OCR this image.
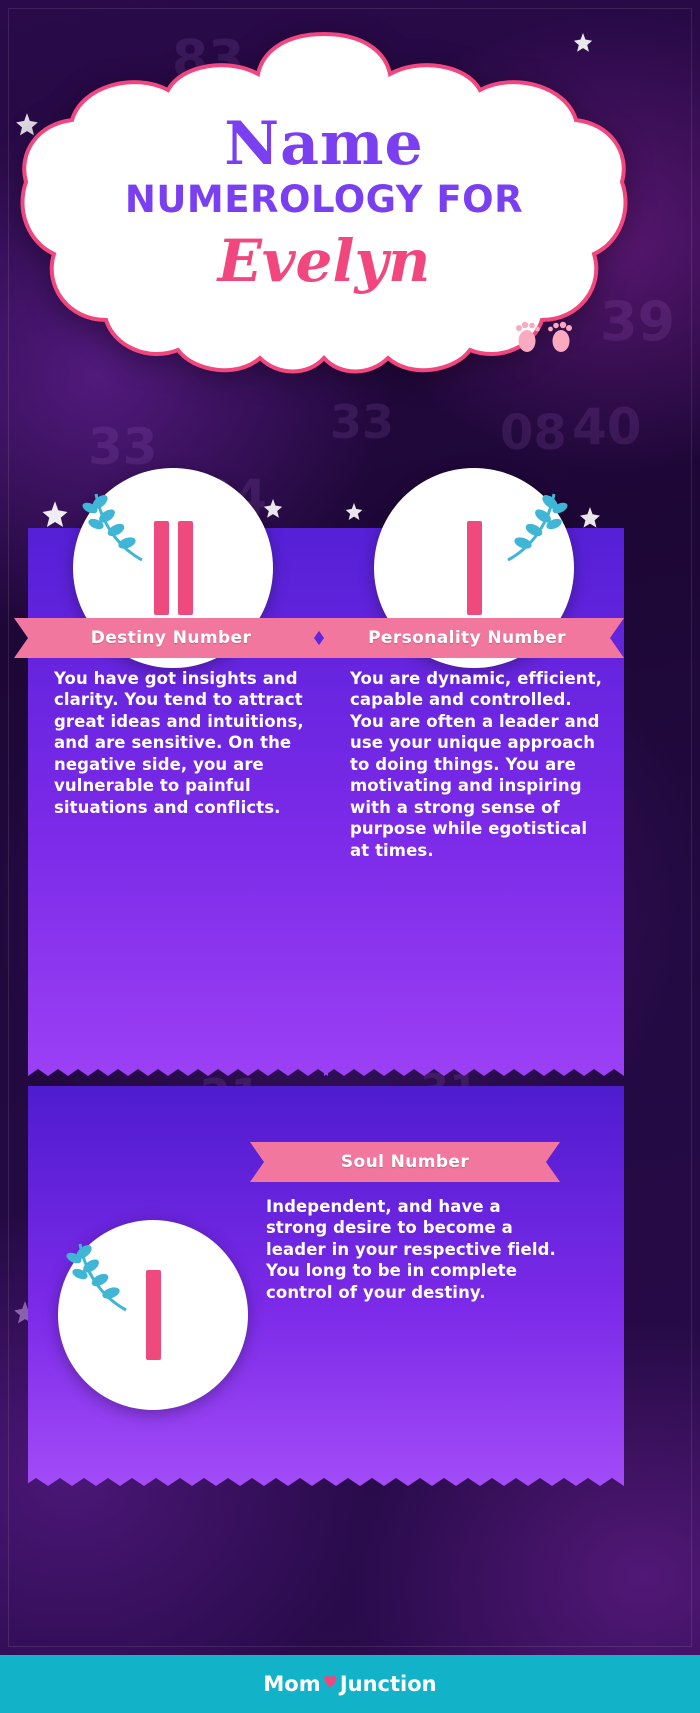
83
39
33	08 40
33
Name
NUMEROLOGY FOR
Evelyn
Destiny Number
You have got insights and clarity. You tend to attract great ideas and intuitions, and are sensitive. On the negative side, you are vulnerable to painful situations and conflicts.
Personality Number
You are dynamic, efficient, capable and controlled. You are often a leader and use your unique approach to doing things. You are motivating and inspiring with a strong sense of purpose while egotistical at times.
Soul Number
Independent, and have a strong desire to become a leader in your respective field. You long to be in complete control of your destiny.
Mom ♥ Junction
